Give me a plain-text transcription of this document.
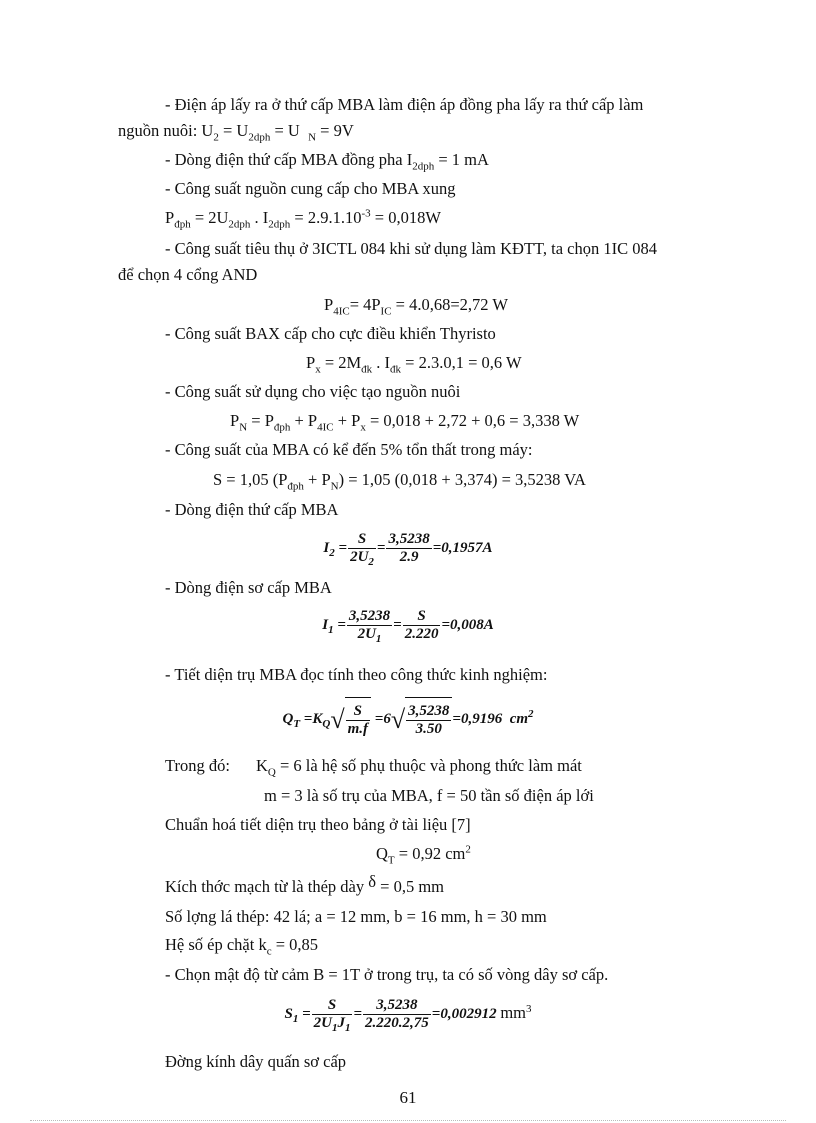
- Điện áp lấy ra ở thứ cấp MBA làm điện áp đồng pha lấy ra thứ cấp làm
nguồn nuôi: $U_2 = U_{2dph} = U$ $_N$ = 9V
- Dòng điện thứ cấp MBA đồng pha $I_{2dph} = 1$ mA
- Công suất nguồn cung cấp cho MBA xung
$P_{đph} = 2U_{2dph}$ . $I_{2dph} = 2.9.1.10^{-3} = 0,018W$
- Công suất tiêu thụ ở 3ICTL 084 khi sử dụng làm KĐTT, ta chọn 1IC 084
để chọn 4 cổng AND
$P_{4IC}= 4P_{IC} = 4.0,68=2,72$ W
- Công suất BAX cấp cho cực điều khiển Thyristo
$P_x = 2M_{đk}$ . $I_{đk} = 2.3.0,1 = 0,6$ W
- Công suất sử dụng cho việc tạo nguồn nuôi
$P_N = P_{đph} + P_{4IC} + P_x = 0,018 + 2,72 + 0,6 = 3,338$ W
- Công suất của MBA có kể đến 5% tổn thất trong máy:
S = 1,05 $(P_{đph} + P_N) = 1,05$ (0,018 + 3,374) = 3,5238 VA
- Dòng điện thứ cấp MBA
$I_2 = \frac{S}{2U_2} = \frac{3,5238}{2.9} =0,1957A$
- Dòng điện sơ cấp MBA
$I_1 = \frac{3,5238}{2U_1} = \frac{S}{2.220} =0,008A$
- Tiết diện trụ MBA đọc tính theo công thức kinh nghiệm:
$Q_T =K_Q√ \frac{S}{m.f} =6√ \frac{3,5238}{3.50} =0,9196$ $cm^2$
Trong đó: $K_Q = 6$ là hệ số phụ thuộc và phong thức làm mát
m = 3 là số trụ của MBA, f = 50 tần số điện áp lới
Chuẩn hoá tiết diện trụ theo bảng ở tài liệu [7]
$Q_T = 0,92$ $cm^2$
Kích thớc mạch từ là thép dày δ = 0,5 mm
Số lợng lá thép: 42 lá; a = 12 mm, b = 16 mm, h = 30 mm
Hệ số ép chặt $k_c = 0,85$
- Chọn mật độ từ cảm B = 1T ở trong trụ, ta có số vòng dây sơ cấp.
$S_1 = \frac{S}{2U_1J_1} = \frac{3,5238}{2.220.2,75} =0,002912$ $mm^3$
Đờng kính dây quấn sơ cấp
61
